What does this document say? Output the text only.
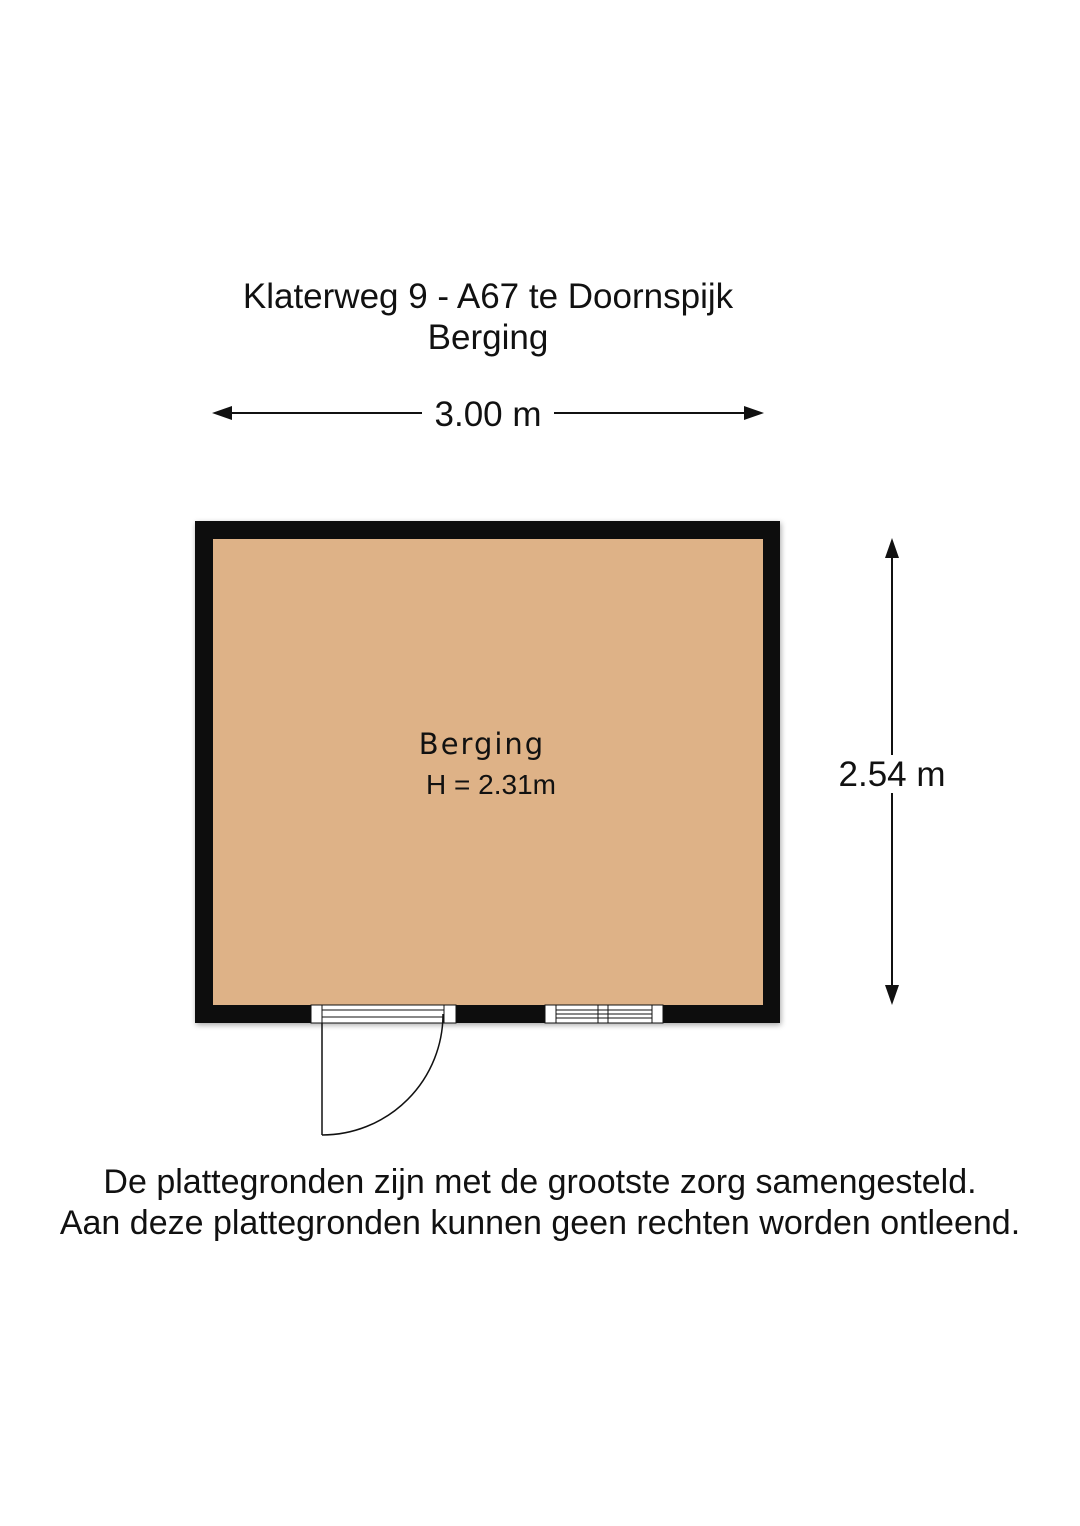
Klaterweg 9 - A67 te Doornspijk
Berging
3.00 m
Berging
H = 2.31m	2.54 m
De plattegronden zijn met de grootste zorg samengesteld.
Aan deze plattegronden kunnen geen rechten worden ontleend.
